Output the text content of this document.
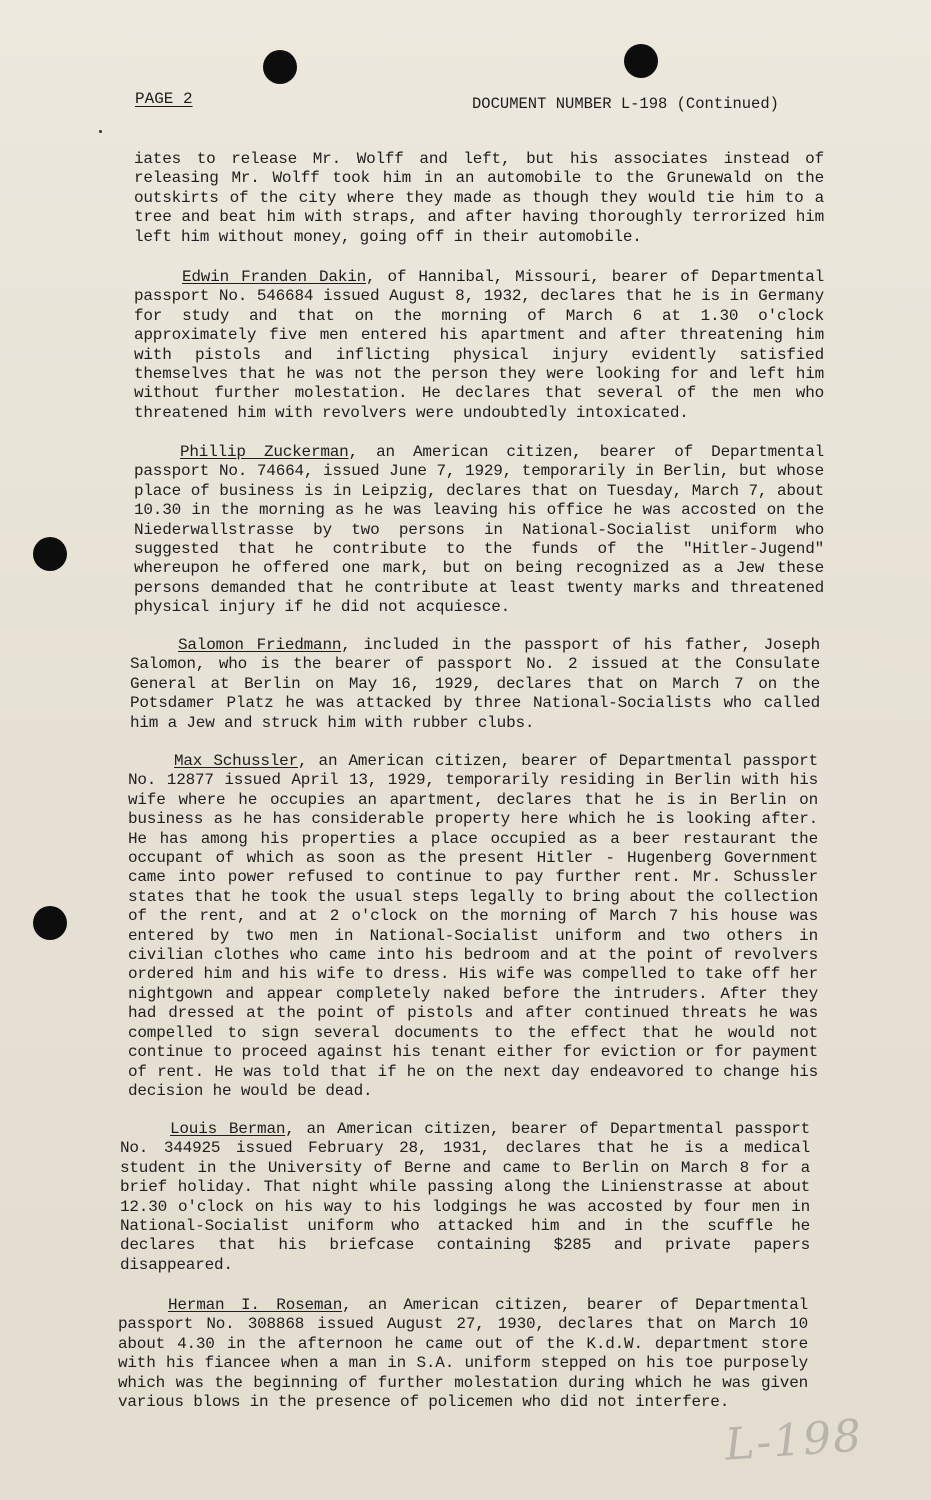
PAGE 2	DOCUMENT NUMBER L-198 (Continued)
iates to release Mr. Wolff and left, but his associates instead of releasing Mr. Wolff took him in an automobile to the Grunewald on the outskirts of the city where they made as though they would tie him to a tree and beat him with straps, and after having thoroughly terrorized him left him without money, going off in their automobile.
Edwin Franden Dakin, of Hannibal, Missouri, bearer of Departmental passport No. 546684 issued August 8, 1932, declares that he is in Germany for study and that on the morning of March 6 at 1.30 o'clock approximately five men entered his apartment and after threatening him with pistols and inflicting physical injury evidently satisfied themselves that he was not the person they were looking for and left him without further molestation. He declares that several of the men who threatened him with revolvers were undoubtedly intoxicated.
Phillip Zuckerman, an American citizen, bearer of Departmental passport No. 74664, issued June 7, 1929, temporarily in Berlin, but whose place of business is in Leipzig, declares that on Tuesday, March 7, about 10.30 in the morning as he was leaving his office he was accosted on the Niederwallstrasse by two persons in National-Socialist uniform who suggested that he contribute to the funds of the "Hitler-Jugend" whereupon he offered one mark, but on being recognized as a Jew these persons demanded that he contribute at least twenty marks and threatened physical injury if he did not acquiesce.
Salomon Friedmann, included in the passport of his father, Joseph Salomon, who is the bearer of passport No. 2 issued at the Consulate General at Berlin on May 16, 1929, declares that on March 7 on the Potsdamer Platz he was attacked by three National-Socialists who called him a Jew and struck him with rubber clubs.
Max Schussler, an American citizen, bearer of Departmental passport No. 12877 issued April 13, 1929, temporarily residing in Berlin with his wife where he occupies an apartment, declares that he is in Berlin on business as he has considerable property here which he is looking after. He has among his properties a place occupied as a beer restaurant the occupant of which as soon as the present Hitler - Hugenberg Government came into power refused to continue to pay further rent. Mr. Schussler states that he took the usual steps legally to bring about the collection of the rent, and at 2 o'clock on the morning of March 7 his house was entered by two men in National-Socialist uniform and two others in civilian clothes who came into his bedroom and at the point of revolvers ordered him and his wife to dress. His wife was compelled to take off her nightgown and appear completely naked before the intruders. After they had dressed at the point of pistols and after continued threats he was compelled to sign several documents to the effect that he would not continue to proceed against his tenant either for eviction or for payment of rent. He was told that if he on the next day endeavored to change his decision he would be dead.
Louis Berman, an American citizen, bearer of Departmental passport No. 344925 issued February 28, 1931, declares that he is a medical student in the University of Berne and came to Berlin on March 8 for a brief holiday. That night while passing along the Linienstrasse at about 12.30 o'clock on his way to his lodgings he was accosted by four men in National-Socialist uniform who attacked him and in the scuffle he declares that his briefcase containing $285 and private papers disappeared.
Herman I. Roseman, an American citizen, bearer of Departmental passport No. 308868 issued August 27, 1930, declares that on March 10 about 4.30 in the afternoon he came out of the K.d.W. department store with his fiancee when a man in S.A. uniform stepped on his toe purposely which was the beginning of further molestation during which he was given various blows in the presence of policemen who did not interfere.
L-198
